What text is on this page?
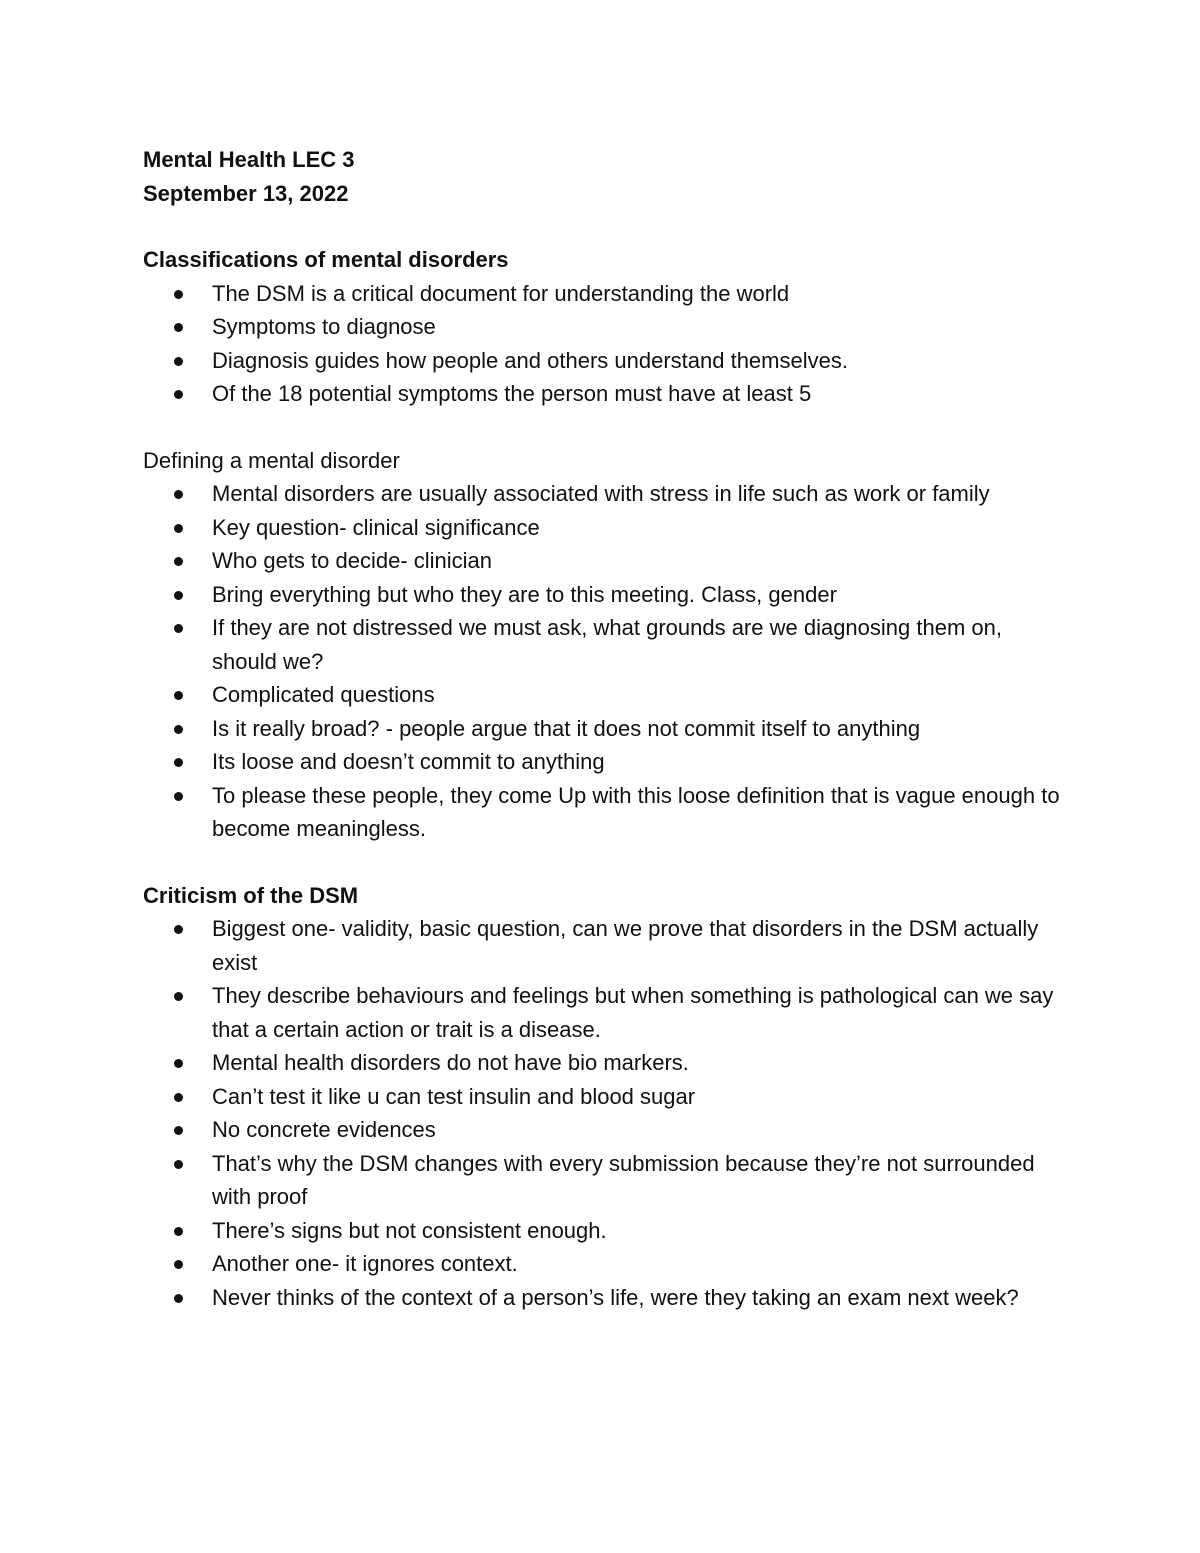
Mental Health LEC 3

September 13, 2022

Classifications of mental disorders

The DSM is a critical document for understanding the world
Symptoms to diagnose
Diagnosis guides how people and others understand themselves.
Of the 18 potential symptoms the person must have at least 5

Defining a mental disorder

Mental disorders are usually associated with stress in life such as work or family
Key question- clinical significance
Who gets to decide- clinician
Bring everything but who they are to this meeting. Class, gender
If they are not distressed we must ask, what grounds are we diagnosing them on, should we?
Complicated questions
Is it really broad? - people argue that it does not commit itself to anything
Its loose and doesn’t commit to anything
To please these people, they come Up with this loose definition that is vague enough to become meaningless.

Criticism of the DSM

Biggest one- validity, basic question, can we prove that disorders in the DSM actually exist
They describe behaviours and feelings but when something is pathological can we say that a certain action or trait is a disease.
Mental health disorders do not have bio markers.
Can’t test it like u can test insulin and blood sugar
No concrete evidences
That’s why the DSM changes with every submission because they’re not surrounded with proof
There’s signs but not consistent enough.
Another one- it ignores context.
Never thinks of the context of a person’s life, were they taking an exam next week?
